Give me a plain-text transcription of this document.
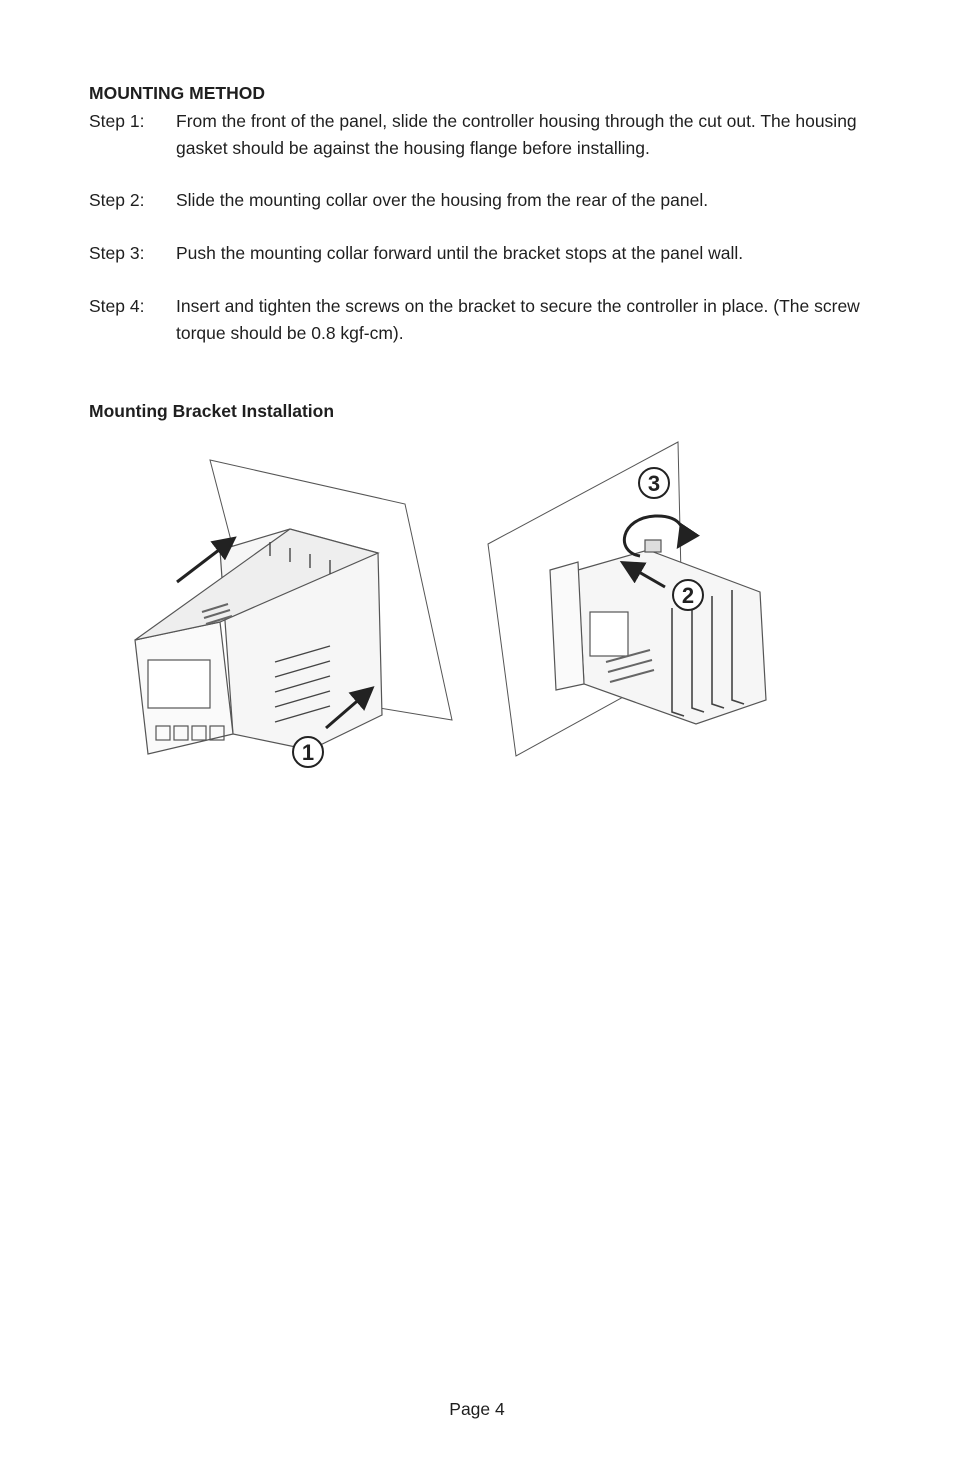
MOUNTING METHOD
Step 1: From the front of the panel, slide the controller housing through the cut out. The housing gasket should be against the housing flange before installing.
Step 2: Slide the mounting collar over the housing from the rear of the panel.
Step 3: Push the mounting collar forward until the bracket stops at the panel wall.
Step 4: Insert and tighten the screws on the bracket to secure the controller in place. (The screw torque should be 0.8 kgf-cm).
Mounting Bracket Installation
1
2
3
Page 4
